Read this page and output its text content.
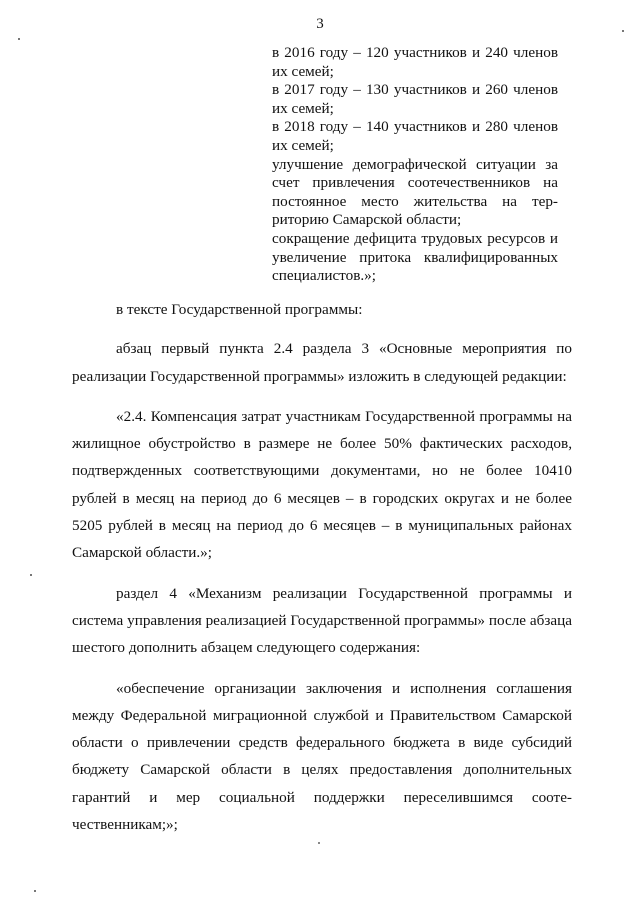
3

в 2016 году – 120 участников и 240 членов их семей;

в 2017 году – 130 участников и 260 членов их семей;

в 2018 году – 140 участников и 280 членов их семей;

улучшение демографической ситуации за счет привлечения соотечественников на постоянное место жительства на тер-риторию Самарской области;

сокращение дефицита трудовых ресурсов и увеличение притока квалифицированных специалистов.»;

в тексте Государственной программы:

абзац первый пункта 2.4 раздела 3 «Основные мероприятия по реализации Государственной программы» изложить в следующей редакции:

«2.4. Компенсация затрат участникам Государственной программы на жилищное обустройство в размере не более 50% фактических расходов, подтвержденных соответствующими документами, но не более 10410 рублей в месяц на период до 6 месяцев – в городских округах и не более 5205 рублей в месяц на период до 6 месяцев – в муниципальных районах Самарской области.»;

раздел 4 «Механизм реализации Государственной программы и система управления реализацией Государственной программы» после абзаца шестого дополнить абзацем следующего содержания:

«обеспечение организации заключения и исполнения соглашения между Федеральной миграционной службой и Правительством Самарской области о привлечении средств федерального бюджета в виде субсидий бюджету Самарской области в целях предоставления дополнительных гарантий и мер социальной поддержки переселившимся сооте-чественникам;»;
